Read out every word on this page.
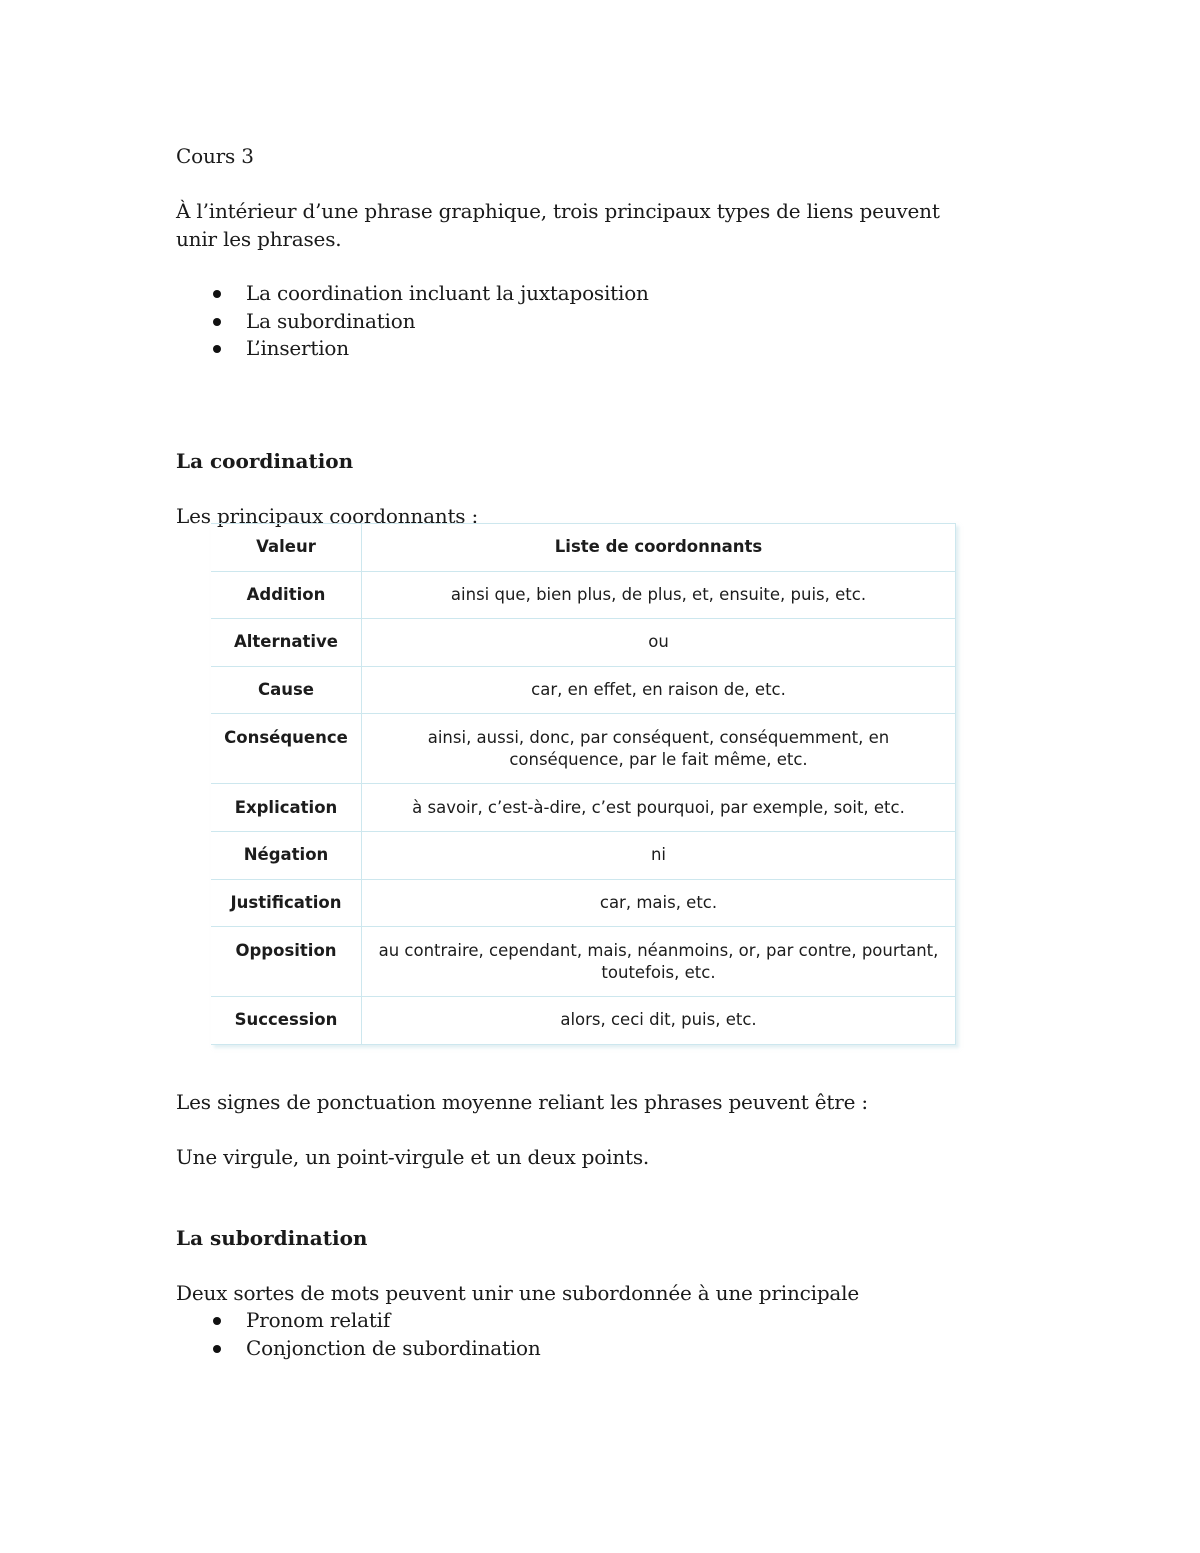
Cours 3

À l’intérieur d’une phrase graphique, trois principaux types de liens peuvent unir les phrases.

La coordination incluant la juxtaposition
La subordination
L’insertion

La coordination

Les principaux coordonnants :

Valeur	Liste de coordonnants
Addition	ainsi que, bien plus, de plus, et, ensuite, puis, etc.
Alternative	ou
Cause	car, en effet, en raison de, etc.
Conséquence	ainsi, aussi, donc, par conséquent, conséquemment, en conséquence, par le fait même, etc.
Explication	à savoir, c’est-à-dire, c’est pourquoi, par exemple, soit, etc.
Négation	ni
Justification	car, mais, etc.
Opposition	au contraire, cependant, mais, néanmoins, or, par contre, pourtant, toutefois, etc.
Succession	alors, ceci dit, puis, etc.

Les signes de ponctuation moyenne reliant les phrases peuvent être :

Une virgule, un point-virgule et un deux points.

La subordination

Deux sortes de mots peuvent unir une subordonnée à une principale

Pronom relatif
Conjonction de subordination
